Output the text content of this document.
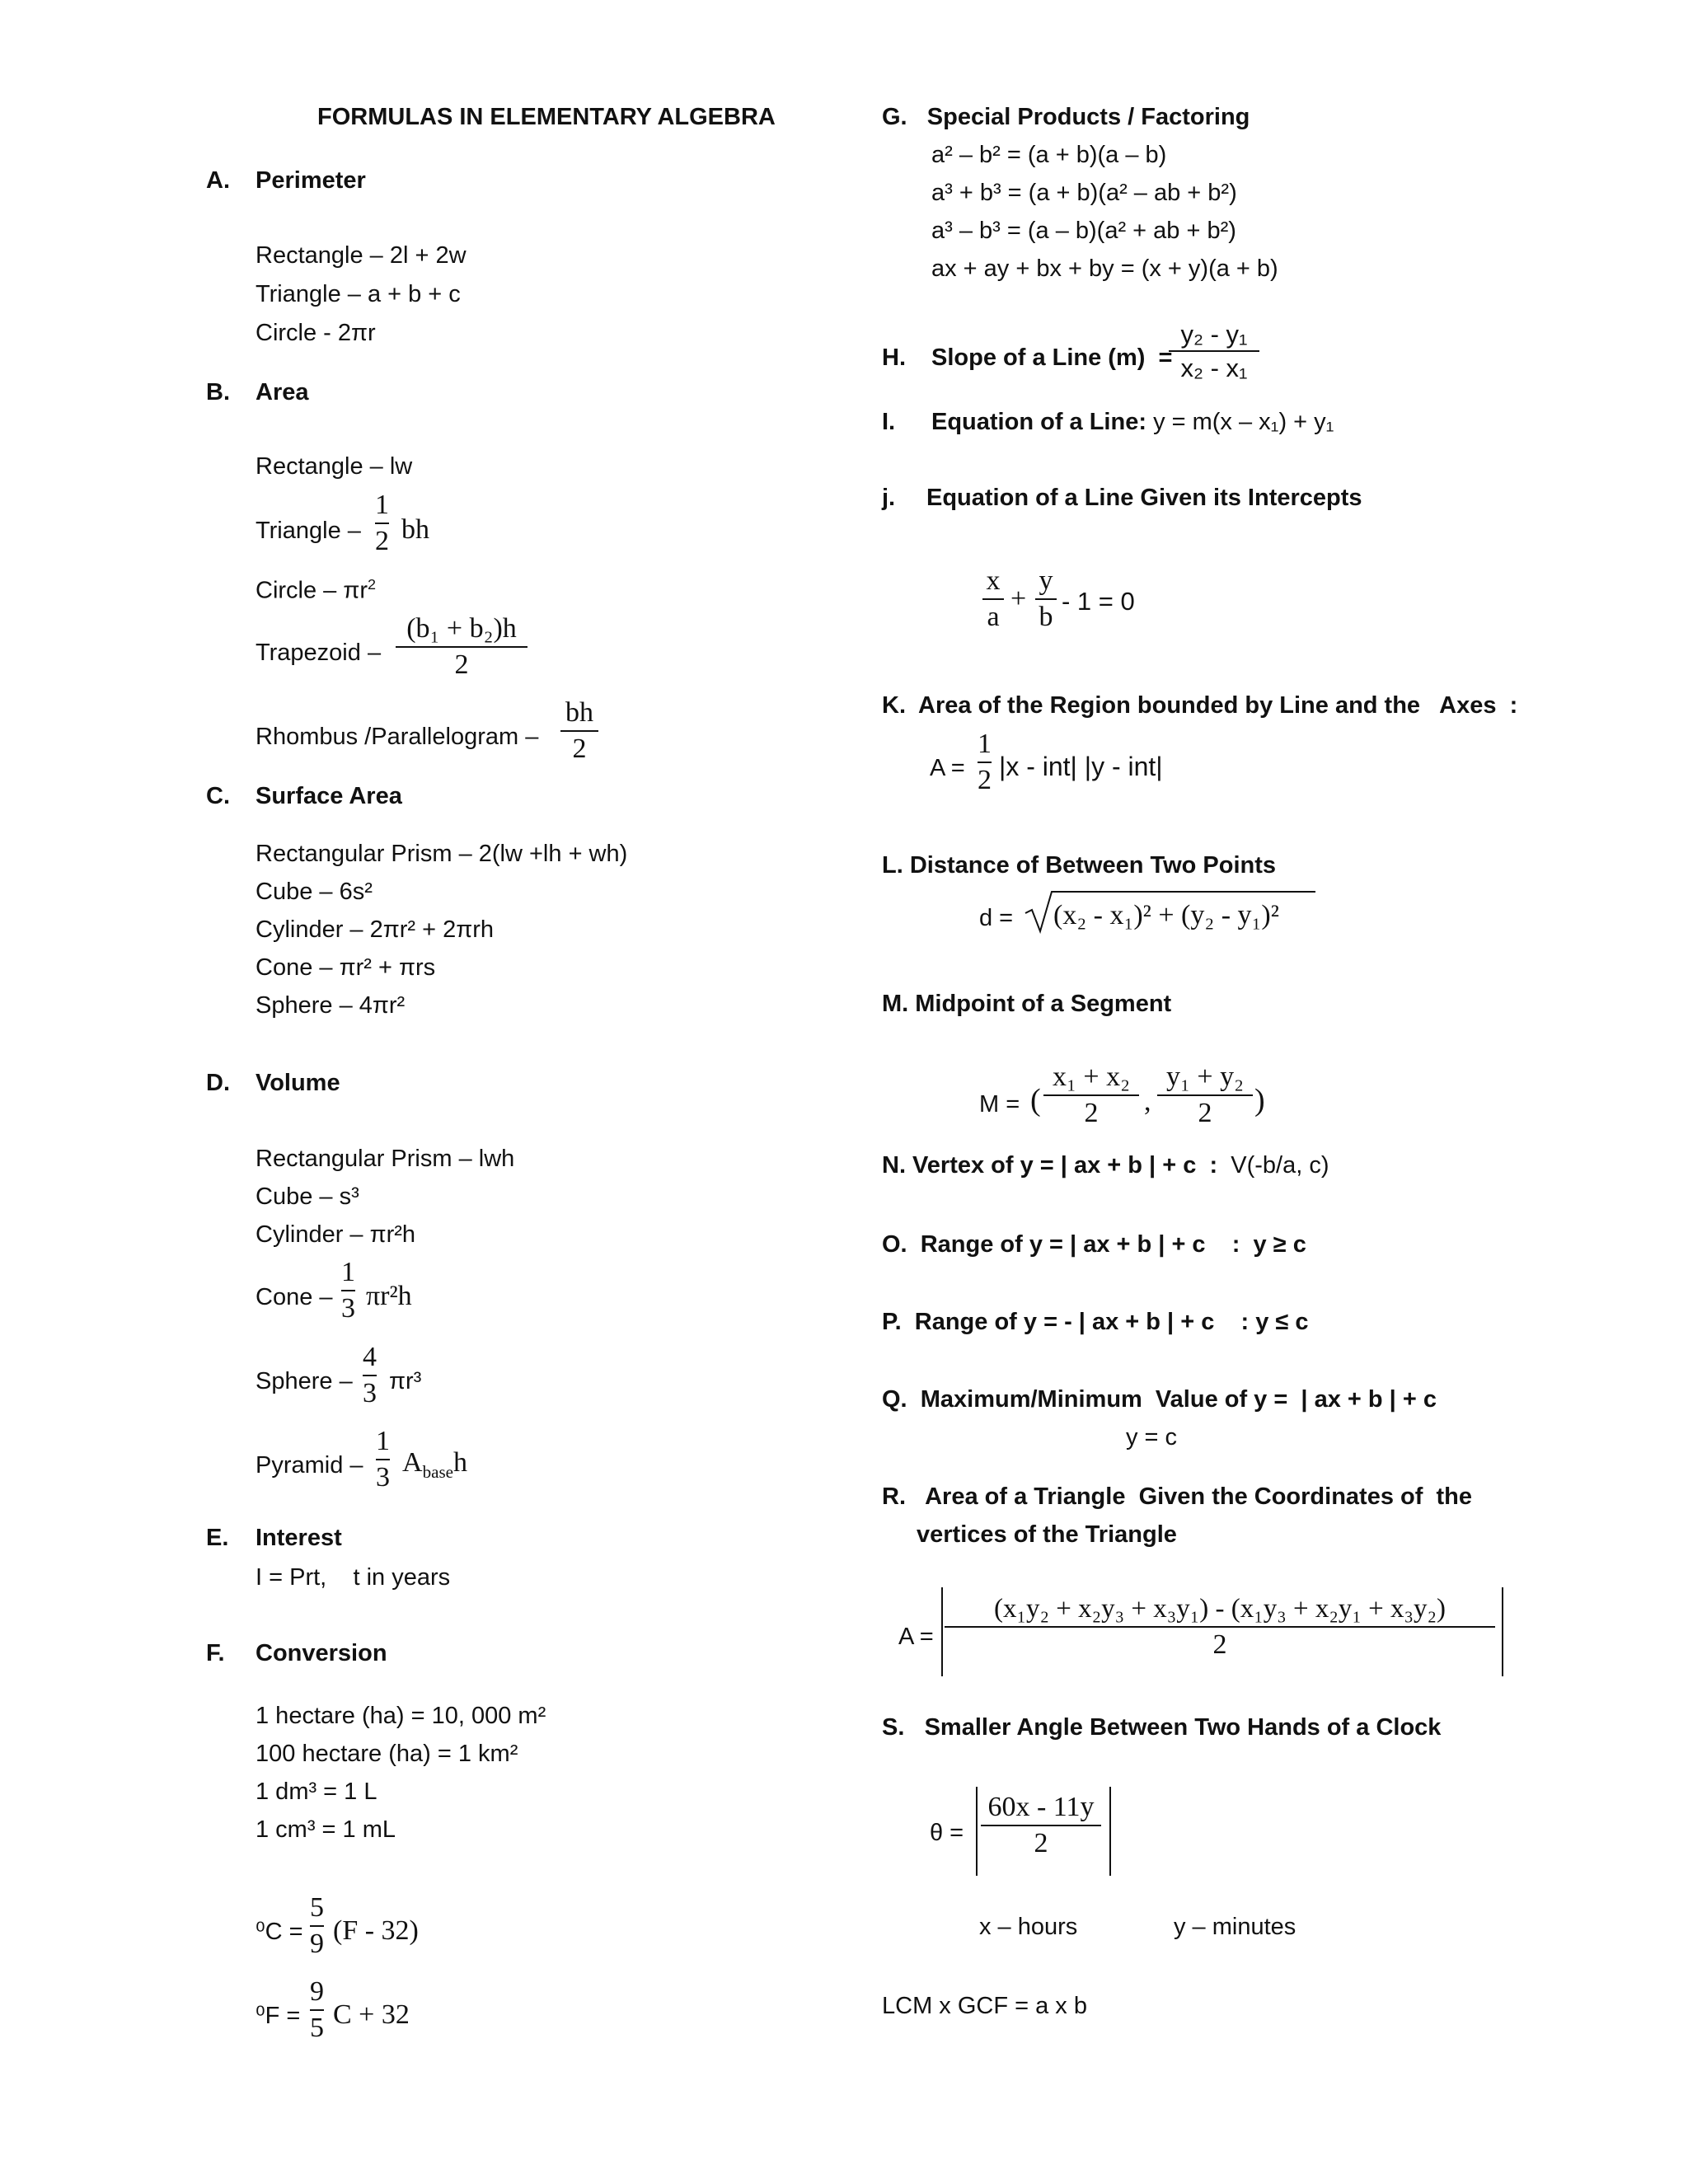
FORMULAS IN ELEMENTARY ALGEBRA
A. Perimeter
Rectangle – 2l + 2w
Triangle – a + b + c
Circle - 2πr
B. Area
Rectangle – lw
Triangle – $\frac{1}{2}$ bh
Circle – $\pi r^2$
Trapezoid – $\frac{\text{(b₁ + b₂)h}}{2}$
Rhombus /Parallelogram – $\frac{bh}{2}$
C. Surface Area
Rectangular Prism – 2(lw +lh + wh)
Cube – 6s²
Cylinder – 2πr² + 2πrh
Cone – πr² + πrs
Sphere – 4πr²
D. Volume
Rectangular Prism – lwh
Cube – s³
Cylinder – πr²h
Cone – $\frac{1}{3} \pi r^2h$
Sphere – $\frac{4}{3} \pi r^3$
Pyramid – $\frac{1}{3} A_{base}h$
E. Interest
I = Prt,    t in years
F. Conversion
1 hectare (ha) = 10, 000 m²
100 hectare (ha) = 1 km²
1 dm³ = 1 L
1 cm³ = 1 mL
$^0C = \frac{5}{9} (F - 32)$
$^0F = \frac{9}{5}$ C + 32
G.   Special Products / Factoring
a² – b² = (a + b)(a – b)
a³ + b³ = (a + b)(a² – ab + b²)
a³ – b³ = (a – b)(a² + ab + b²)
ax + ay + bx + by = (x + y)(a + b)
H. Slope of a Line (m)  =
$\frac{\text{y₂ - y₁}}{\text{x₂ - x₁}}$
I. Equation of a Line: y = m(x – x₁) + y₁
j. Equation of a Line Given its Intercepts
$\frac{x}{a} + \frac{y}{b} - 1 = 0$
K.  Area of the Region bounded by Line and the   Axes  :
$A = \frac{1}{2} |x - int|$ |y - int|
L. Distance of Between Two Points
d = (x₂ - x₁)² + (y₂ - y₁)²
M. Midpoint of a Segment
M = ( $\frac{\text{x₁ + x₂}}{2}$ , $\frac{\text{y₁ + y₂}}{2}$ )
N. Vertex of y = | ax + b | + c  : V(-b/a, c)
O.  Range of y = | ax + b | + c    :  y ≥ c
P.  Range of y = - | ax + b | + c    : y ≤ c
Q.  Maximum/Minimum  Value of y =  | ax + b | + c
y = c
R.   Area of a Triangle  Given the Coordinates of  the
vertices of the Triangle
$A = \frac{\text{(x₁y₂ + x₂y₃ + x₃y₁) - (x₁y₃ + x₂y₁ + x₃y₂)}}{2}$
S.   Smaller Angle Between Two Hands of a Clock
$\theta = \frac{60x - 11y}{2}$
x – hours	y – minutes
LCM x GCF = a x b
